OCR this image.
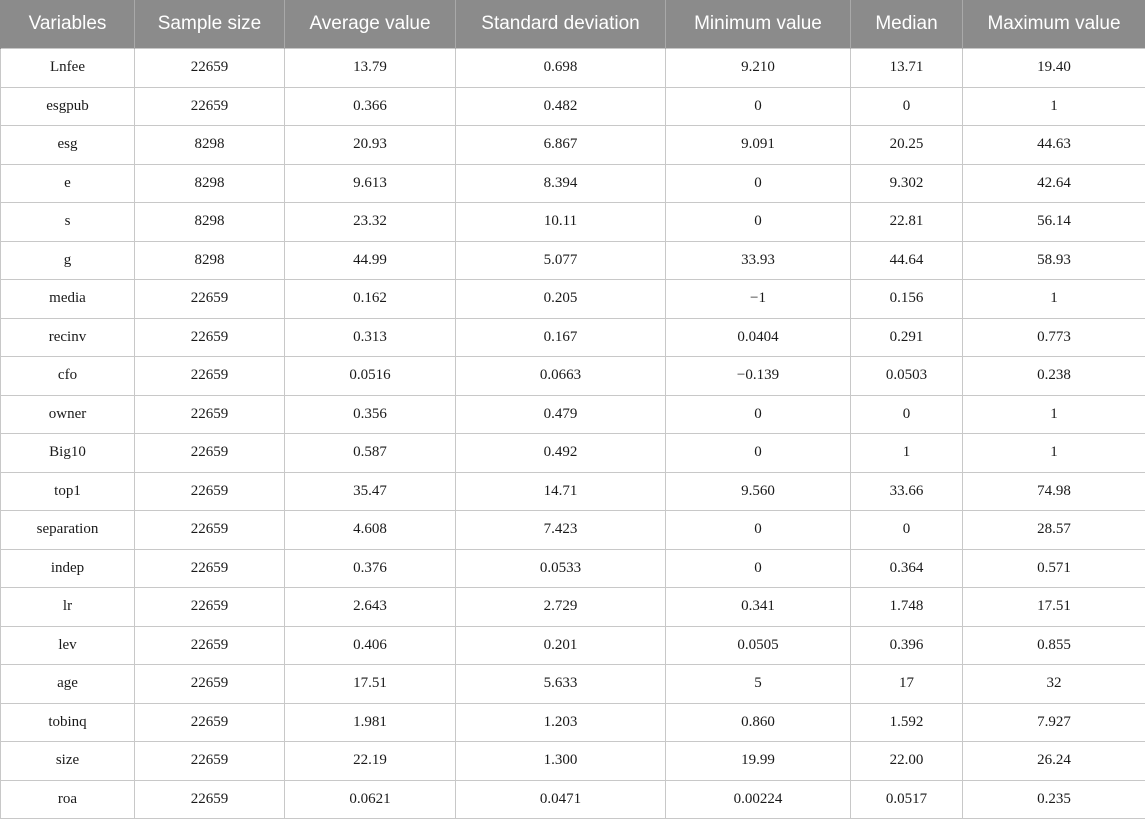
Variables	Sample size	Average value	Standard deviation	Minimum value	Median	Maximum value
Lnfee	22659	13.79	0.698	9.210	13.71	19.40
esgpub	22659	0.366	0.482	0	0	1
esg	8298	20.93	6.867	9.091	20.25	44.63
e	8298	9.613	8.394	0	9.302	42.64
s	8298	23.32	10.11	0	22.81	56.14
g	8298	44.99	5.077	33.93	44.64	58.93
media	22659	0.162	0.205	−1	0.156	1
recinv	22659	0.313	0.167	0.0404	0.291	0.773
cfo	22659	0.0516	0.0663	−0.139	0.0503	0.238
owner	22659	0.356	0.479	0	0	1
Big10	22659	0.587	0.492	0	1	1
top1	22659	35.47	14.71	9.560	33.66	74.98
separation	22659	4.608	7.423	0	0	28.57
indep	22659	0.376	0.0533	0	0.364	0.571
lr	22659	2.643	2.729	0.341	1.748	17.51
lev	22659	0.406	0.201	0.0505	0.396	0.855
age	22659	17.51	5.633	5	17	32
tobinq	22659	1.981	1.203	0.860	1.592	7.927
size	22659	22.19	1.300	19.99	22.00	26.24
roa	22659	0.0621	0.0471	0.00224	0.0517	0.235
